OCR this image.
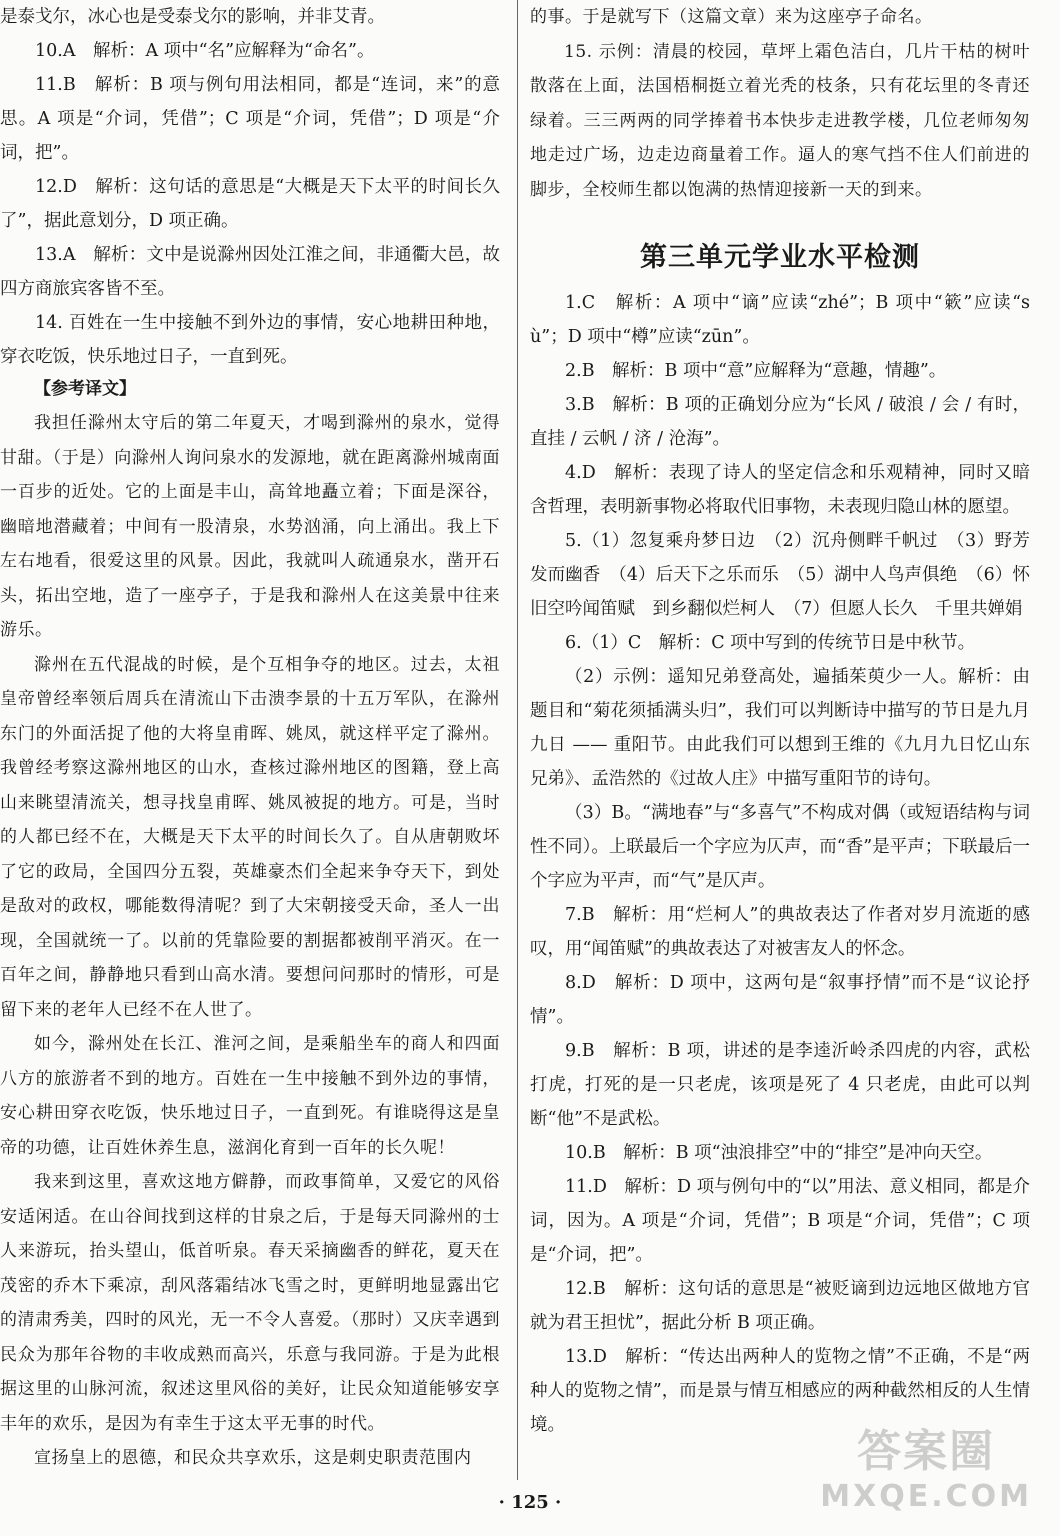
是泰戈尔，冰心也是受泰戈尔的影响，并非艾青。

10.A　解析：A 项中“名”应解释为“命名”。

11.B　解析：B 项与例句用法相同，都是“连词，来”的意思。A 项是“介词，凭借”；C 项是“介词，凭借”；D 项是“介词，把”。

12.D　解析：这句话的意思是“大概是天下太平的时间长久了”，据此意划分，D 项正确。

13.A　解析：文中是说滁州因处江淮之间，非通衢大邑，故四方商旅宾客皆不至。

14. 百姓在一生中接触不到外边的事情，安心地耕田种地，穿衣吃饭，快乐地过日子，一直到死。

【参考译文】

我担任滁州太守后的第二年夏天，才喝到滁州的泉水，觉得甘甜。（于是）向滁州人询问泉水的发源地，就在距离滁州城南面一百步的近处。它的上面是丰山，高耸地矗立着；下面是深谷，幽暗地潜藏着；中间有一股清泉，水势汹涌，向上涌出。我上下左右地看，很爱这里的风景。因此，我就叫人疏通泉水，凿开石头，拓出空地，造了一座亭子，于是我和滁州人在这美景中往来游乐。

滁州在五代混战的时候，是个互相争夺的地区。过去，太祖皇帝曾经率领后周兵在清流山下击溃李景的十五万军队，在滁州东门的外面活捉了他的大将皇甫晖、姚凤，就这样平定了滁州。我曾经考察这滁州地区的山水，查核过滁州地区的图籍，登上高山来眺望清流关，想寻找皇甫晖、姚凤被捉的地方。可是，当时的人都已经不在，大概是天下太平的时间长久了。自从唐朝败坏了它的政局，全国四分五裂，英雄豪杰们全起来争夺天下，到处是敌对的政权，哪能数得清呢？到了大宋朝接受天命，圣人一出现，全国就统一了。以前的凭靠险要的割据都被削平消灭。在一百年之间，静静地只看到山高水清。要想问问那时的情形，可是留下来的老年人已经不在人世了。

如今，滁州处在长江、淮河之间，是乘船坐车的商人和四面八方的旅游者不到的地方。百姓在一生中接触不到外边的事情，安心耕田穿衣吃饭，快乐地过日子，一直到死。有谁晓得这是皇帝的功德，让百姓休养生息，滋润化育到一百年的长久呢！

我来到这里，喜欢这地方僻静，而政事简单，又爱它的风俗安适闲适。在山谷间找到这样的甘泉之后，于是每天同滁州的士人来游玩，抬头望山，低首听泉。春天采摘幽香的鲜花，夏天在茂密的乔木下乘凉，刮风落霜结冰飞雪之时，更鲜明地显露出它的清肃秀美，四时的风光，无一不令人喜爱。（那时）又庆幸遇到民众为那年谷物的丰收成熟而高兴，乐意与我同游。于是为此根据这里的山脉河流，叙述这里风俗的美好，让民众知道能够安享丰年的欢乐，是因为有幸生于这太平无事的时代。

宣扬皇上的恩德，和民众共享欢乐，这是刺史职责范围内

的事。于是就写下（这篇文章）来为这座亭子命名。

15. 示例：清晨的校园，草坪上霜色洁白，几片干枯的树叶散落在上面，法国梧桐挺立着光秃的枝条，只有花坛里的冬青还绿着。三三两两的同学捧着书本快步走进教学楼，几位老师匆匆地走过广场，边走边商量着工作。逼人的寒气挡不住人们前进的脚步，全校师生都以饱满的热情迎接新一天的到来。

第三单元学业水平检测

1.C　解析：A 项中“谪”应读“zhé”；B 项中“簌”应读“sù”；D 项中“樽”应读“zūn”。

2.B　解析：B 项中“意”应解释为“意趣，情趣”。

3.B　解析：B 项的正确划分应为“长风 / 破浪 / 会 / 有时，直挂 / 云帆 / 济 / 沧海”。

4.D　解析：表现了诗人的坚定信念和乐观精神，同时又暗含哲理，表明新事物必将取代旧事物，未表现归隐山林的愿望。

5.（1）忽复乘舟梦日边　（2）沉舟侧畔千帆过　（3）野芳发而幽香　（4）后天下之乐而乐　（5）湖中人鸟声俱绝　（6）怀旧空吟闻笛赋　到乡翻似烂柯人　（7）但愿人长久　千里共婵娟

6.（1）C　解析：C 项中写到的传统节日是中秋节。

（2）示例：遥知兄弟登高处，遍插茱萸少一人。解析：由题目和“菊花须插满头归”，我们可以判断诗中描写的节日是九月九日 —— 重阳节。由此我们可以想到王维的《九月九日忆山东兄弟》、孟浩然的《过故人庄》中描写重阳节的诗句。

（3）B。“满地春”与“多喜气”不构成对偶（或短语结构与词性不同）。上联最后一个字应为仄声，而“香”是平声；下联最后一个字应为平声，而“气”是仄声。

7.B　解析：用“烂柯人”的典故表达了作者对岁月流逝的感叹，用“闻笛赋”的典故表达了对被害友人的怀念。

8.D　解析：D 项中，这两句是“叙事抒情”而不是“议论抒情”。

9.B　解析：B 项，讲述的是李逵沂岭杀四虎的内容，武松打虎，打死的是一只老虎，该项是死了 4 只老虎，由此可以判断“他”不是武松。

10.B　解析：B 项“浊浪排空”中的“排空”是冲向天空。

11.D　解析：D 项与例句中的“以”用法、意义相同，都是介词，因为。A 项是“介词，凭借”；B 项是“介词，凭借”；C 项是“介词，把”。

12.B　解析：这句话的意思是“被贬谪到边远地区做地方官就为君王担忧”，据此分析 B 项正确。

13.D　解析：“传达出两种人的览物之情”不正确，不是“两种人的览物之情”，而是景与情互相感应的两种截然相反的人生情境。

· 125 ·
答案圈
MXQE.COM
